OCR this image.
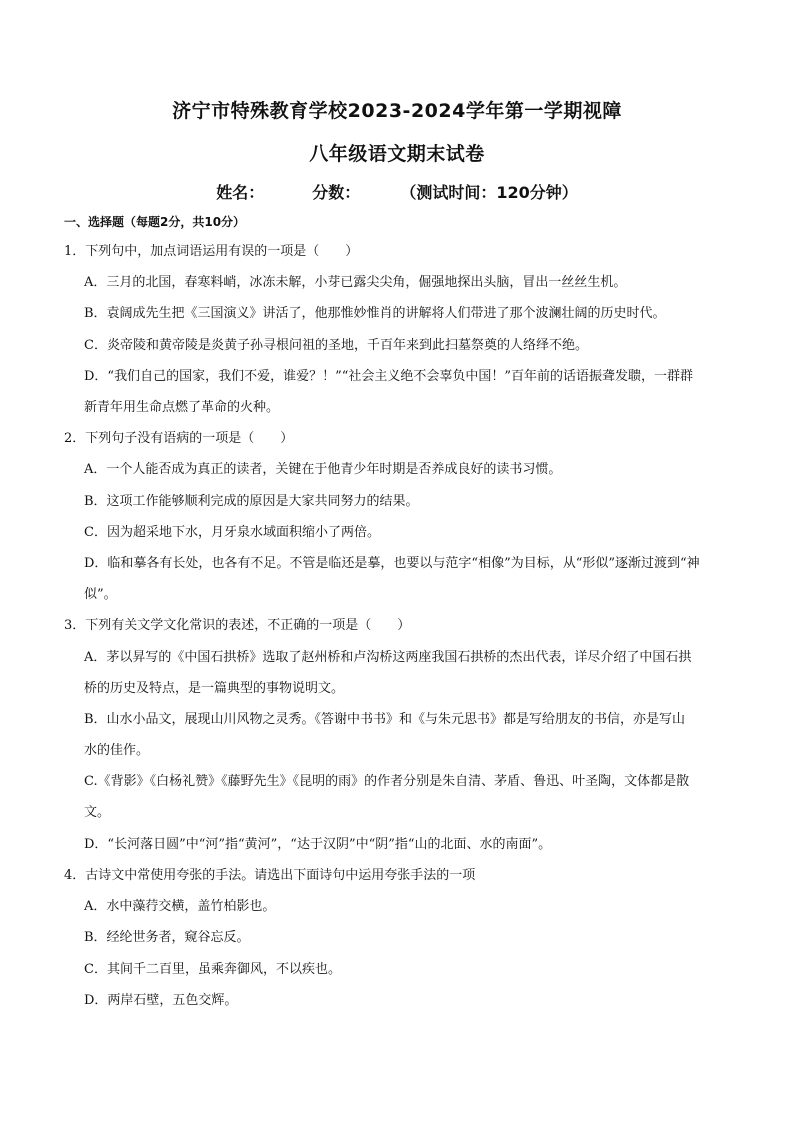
济宁市特殊教育学校2023-2024学年第一学期视障
八年级语文期末试卷
姓名：	分数：	（测试时间：120分钟）
一、选择题（每题2分，共10分）
1．下列句中，加点词语运用有误的一项是（　　）
A．三月的北国，春寒料峭，冰冻未解，小芽已露尖尖角，倔强地探出头脑，冒出一丝丝生机。
B．袁阔成先生把《三国演义》讲活了，他那惟妙惟肖的讲解将人们带进了那个波澜壮阔的历史时代。
C．炎帝陵和黄帝陵是炎黄子孙寻根问祖的圣地，千百年来到此扫墓祭奠的人络绎不绝。
D．“我们自己的国家，我们不爱，谁爱？！”“社会主义绝不会辜负中国！”百年前的话语振聋发聩，一群群
新青年用生命点燃了革命的火种。
2．下列句子没有语病的一项是（　　）
A．一个人能否成为真正的读者，关键在于他青少年时期是否养成良好的读书习惯。
B．这项工作能够顺利完成的原因是大家共同努力的结果。
C．因为超采地下水，月牙泉水域面积缩小了两倍。
D．临和摹各有长处，也各有不足。不管是临还是摹，也要以与范字“相像”为目标，从“形似”逐渐过渡到“神
似”。
3．下列有关文学文化常识的表述，不正确的一项是（　　）
A．茅以昇写的《中国石拱桥》选取了赵州桥和卢沟桥这两座我国石拱桥的杰出代表，详尽介绍了中国石拱
桥的历史及特点，是一篇典型的事物说明文。
B．山水小品文，展现山川风物之灵秀。《答谢中书书》和《与朱元思书》都是写给朋友的书信，亦是写山
水的佳作。
C.《背影》《白杨礼赞》《藤野先生》《昆明的雨》的作者分别是朱自清、茅盾、鲁迅、叶圣陶，文体都是散
文。
D．“长河落日圆”中“河”指“黄河”，“达于汉阴”中“阴”指“山的北面、水的南面”。
4．古诗文中常使用夸张的手法。请选出下面诗句中运用夸张手法的一项
A．水中藻荇交横，盖竹柏影也。
B．经纶世务者，窥谷忘反。
C．其间千二百里，虽乘奔御风，不以疾也。
D．两岸石壁，五色交辉。
